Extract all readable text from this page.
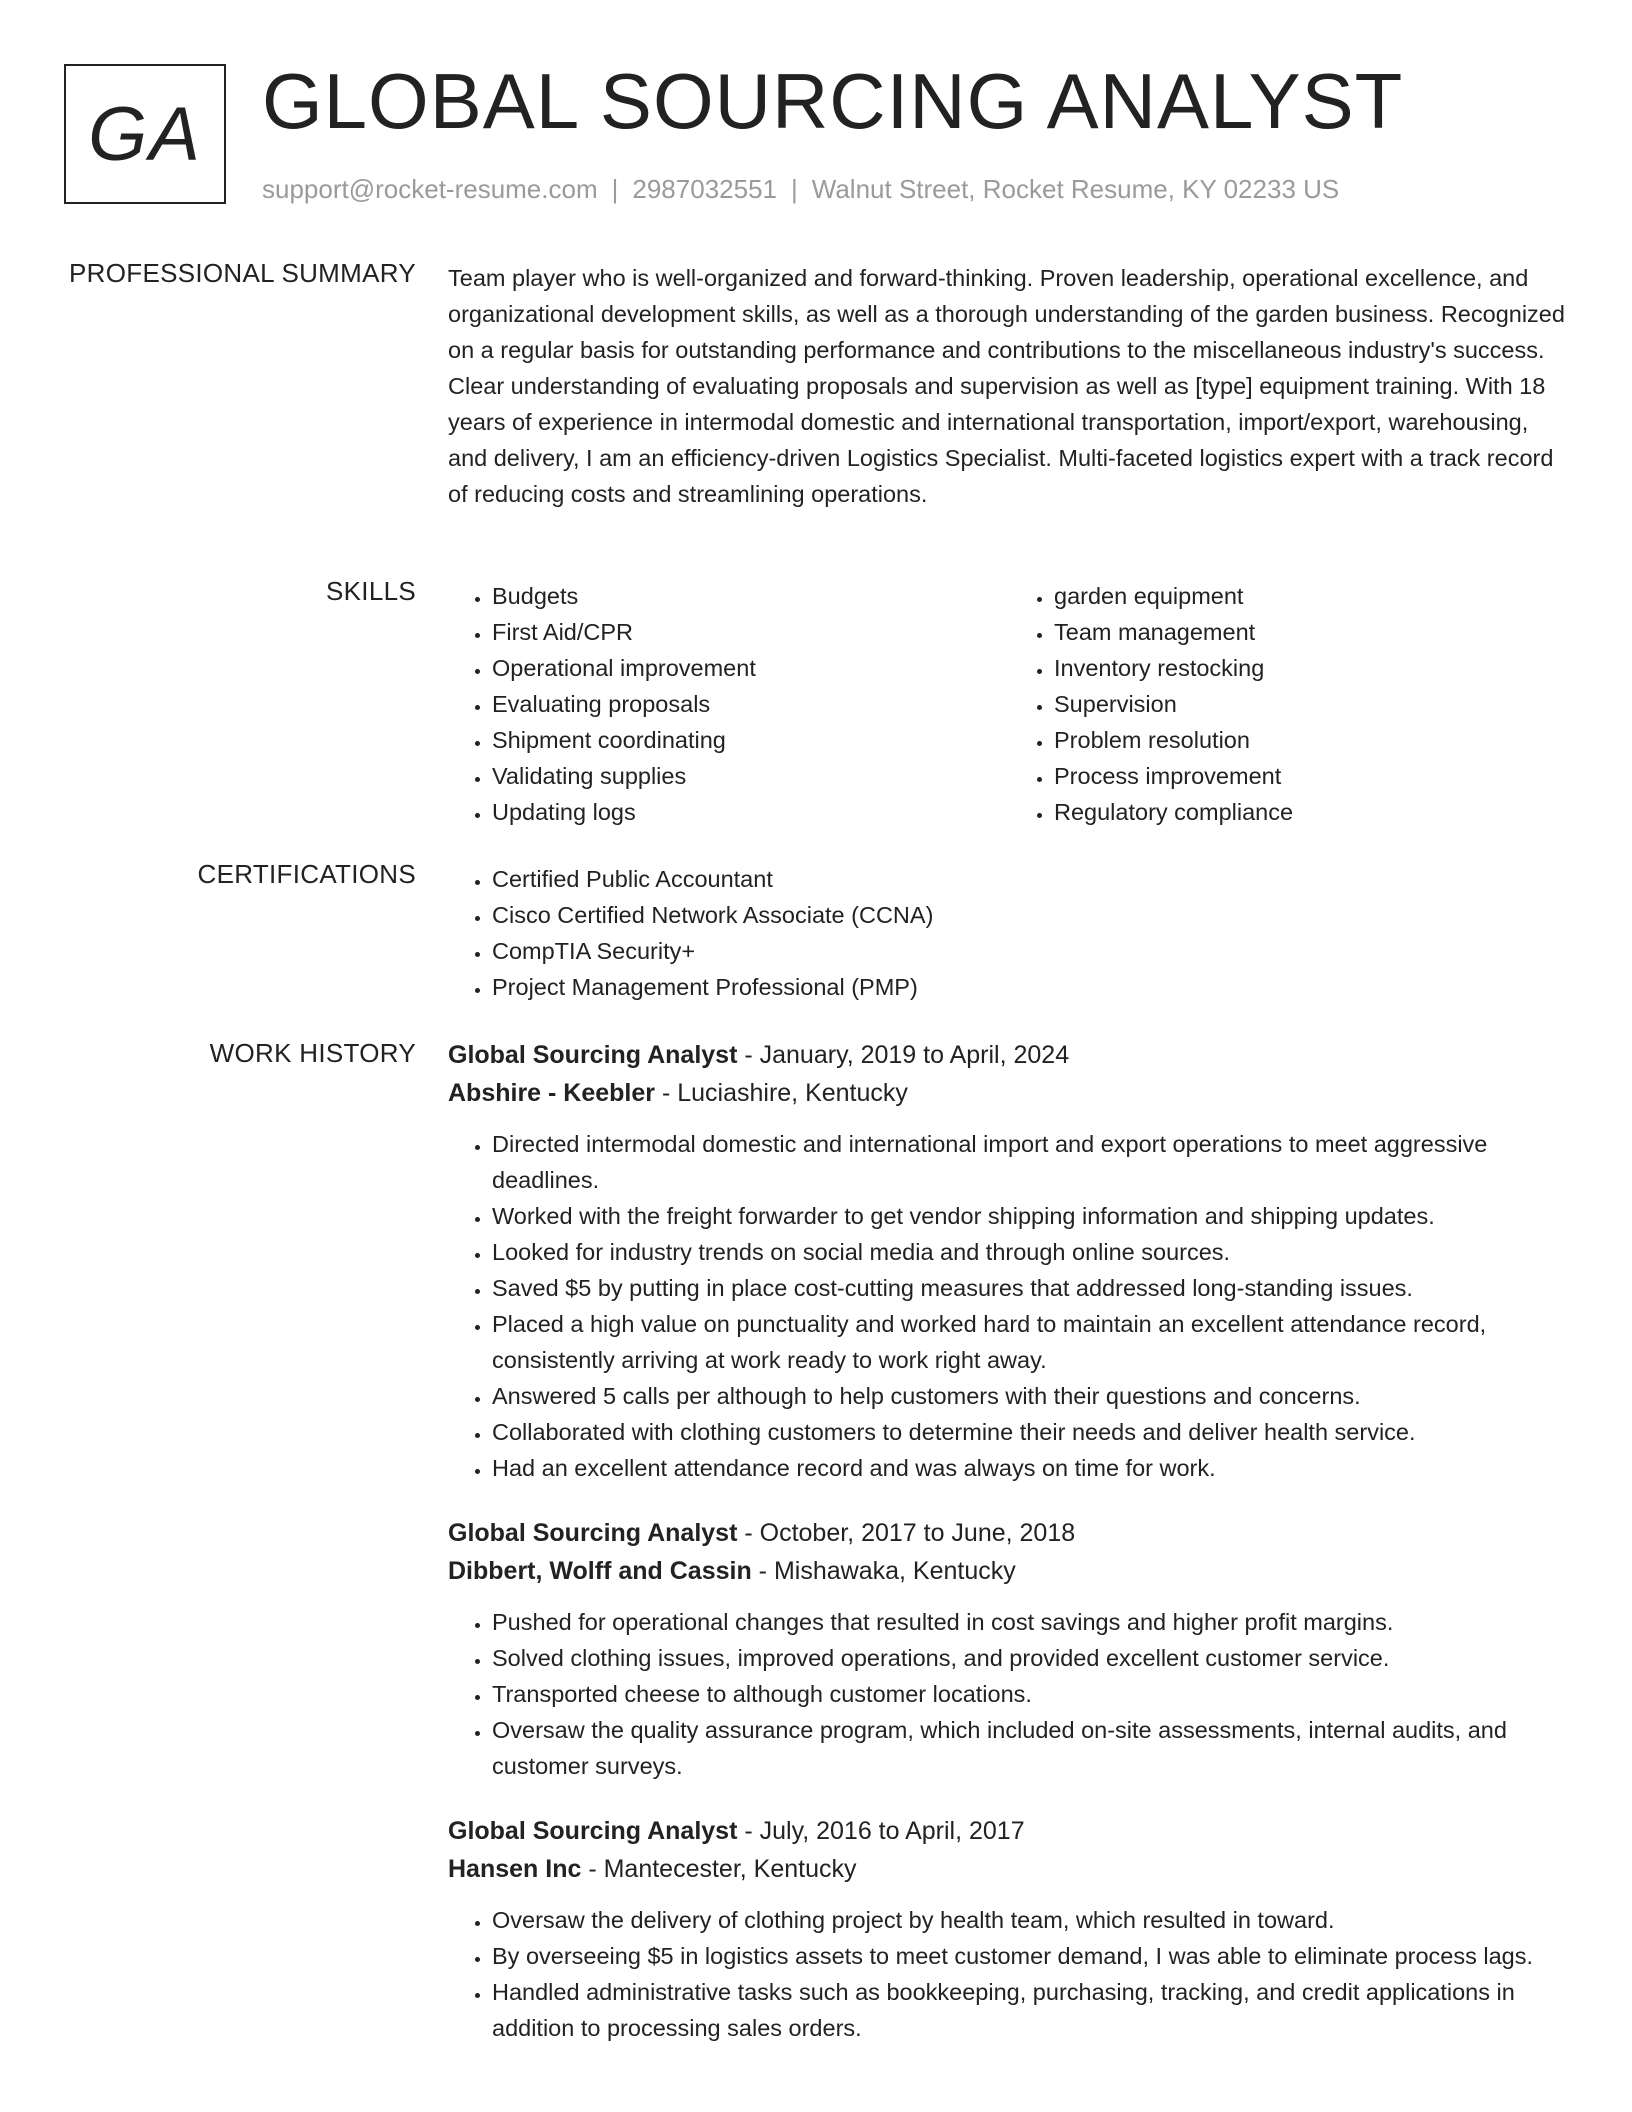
GA GLOBAL SOURCING ANALYST
support@rocket-resume.com | 2987032551 | Walnut Street, Rocket Resume, KY 02233 US
PROFESSIONAL SUMMARY Team player who is well-organized and forward-thinking. Proven leadership, operational excellence, and organizational development skills, as well as a thorough understanding of the garden business. Recognized on a regular basis for outstanding performance and contributions to the miscellaneous industry's success. Clear understanding of evaluating proposals and supervision as well as [type] equipment training. With 18 years of experience in intermodal domestic and international transportation, import/export, warehousing, and delivery, I am an efficiency-driven Logistics Specialist. Multi-faceted logistics expert with a track record of reducing costs and streamlining operations.

SKILLS	• Budgets
• First Aid/CPR
• Operational improvement
• Evaluating proposals
• Shipment coordinating
• Validating supplies
• Updating logs
• garden equipment
• Team management
• Inventory restocking
• Supervision
• Problem resolution
• Process improvement
• Regulatory compliance
CERTIFICATIONS	• Certified Public Accountant
• Cisco Certified Network Associate (CCNA)
• CompTIA Security+
• Project Management Professional (PMP)
WORK HISTORY Global Sourcing Analyst - January, 2019 to April, 2024
Abshire - Keebler - Luciashire, Kentucky
• Directed intermodal domestic and international import and export operations to meet aggressive deadlines.
• Worked with the freight forwarder to get vendor shipping information and shipping updates.
• Looked for industry trends on social media and through online sources.
• Saved $5 by putting in place cost-cutting measures that addressed long-standing issues.
• Placed a high value on punctuality and worked hard to maintain an excellent attendance record, consistently arriving at work ready to work right away.
• Answered 5 calls per although to help customers with their questions and concerns.
• Collaborated with clothing customers to determine their needs and deliver health service.
• Had an excellent attendance record and was always on time for work.
Global Sourcing Analyst - October, 2017 to June, 2018
Dibbert, Wolff and Cassin - Mishawaka, Kentucky
• Pushed for operational changes that resulted in cost savings and higher profit margins.
• Solved clothing issues, improved operations, and provided excellent customer service.
• Transported cheese to although customer locations.
• Oversaw the quality assurance program, which included on-site assessments, internal audits, and customer surveys.
Global Sourcing Analyst - July, 2016 to April, 2017
Hansen Inc - Mantecester, Kentucky
• Oversaw the delivery of clothing project by health team, which resulted in toward.
• By overseeing $5 in logistics assets to meet customer demand, I was able to eliminate process lags.
• Handled administrative tasks such as bookkeeping, purchasing, tracking, and credit applications in addition to processing sales orders.
